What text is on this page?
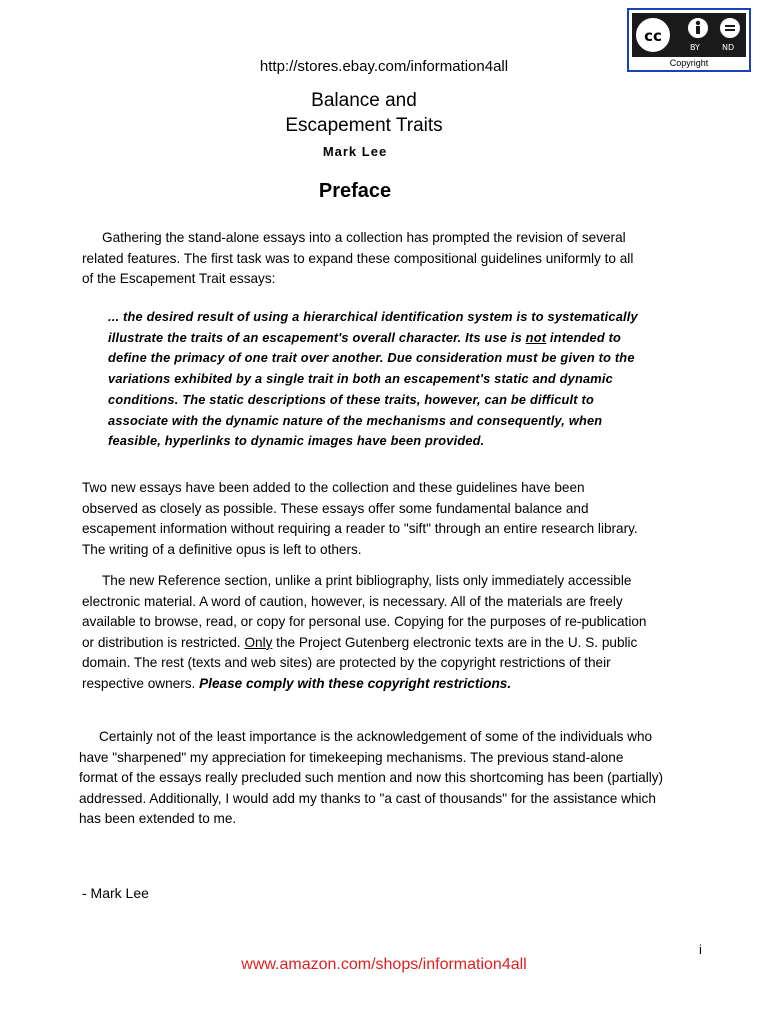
cc
BY	ND
Copyright
http://stores.ebay.com/information4all
Balance and
Escapement Traits
Mark Lee
Preface
Gathering the stand-alone essays into a collection has prompted the revision of several related features. The first task was to expand these compositional guidelines uniformly to all of the Escapement Trait essays:
... the desired result of using a hierarchical identification system is to systematically illustrate the traits of an escapement's overall character. Its use is not intended to define the primacy of one trait over another. Due consideration must be given to the variations exhibited by a single trait in both an escapement's static and dynamic conditions. The static descriptions of these traits, however, can be difficult to associate with the dynamic nature of the mechanisms and consequently, when feasible, hyperlinks to dynamic images have been provided.
Two new essays have been added to the collection and these guidelines have been observed as closely as possible. These essays offer some fundamental balance and escapement information without requiring a reader to "sift" through an entire research library. The writing of a definitive opus is left to others.
The new Reference section, unlike a print bibliography, lists only immediately accessible electronic material. A word of caution, however, is necessary. All of the materials are freely available to browse, read, or copy for personal use. Copying for the purposes of re-publication or distribution is restricted. Only the Project Gutenberg electronic texts are in the U. S. public domain. The rest (texts and web sites) are protected by the copyright restrictions of their respective owners. Please comply with these copyright restrictions.
Certainly not of the least importance is the acknowledgement of some of the individuals who have "sharpened" my appreciation for timekeeping mechanisms. The previous stand-alone format of the essays really precluded such mention and now this shortcoming has been (partially) addressed. Additionally, I would add my thanks to "a cast of thousands" for the assistance which has been extended to me.
- Mark Lee
i
www.amazon.com/shops/information4all
